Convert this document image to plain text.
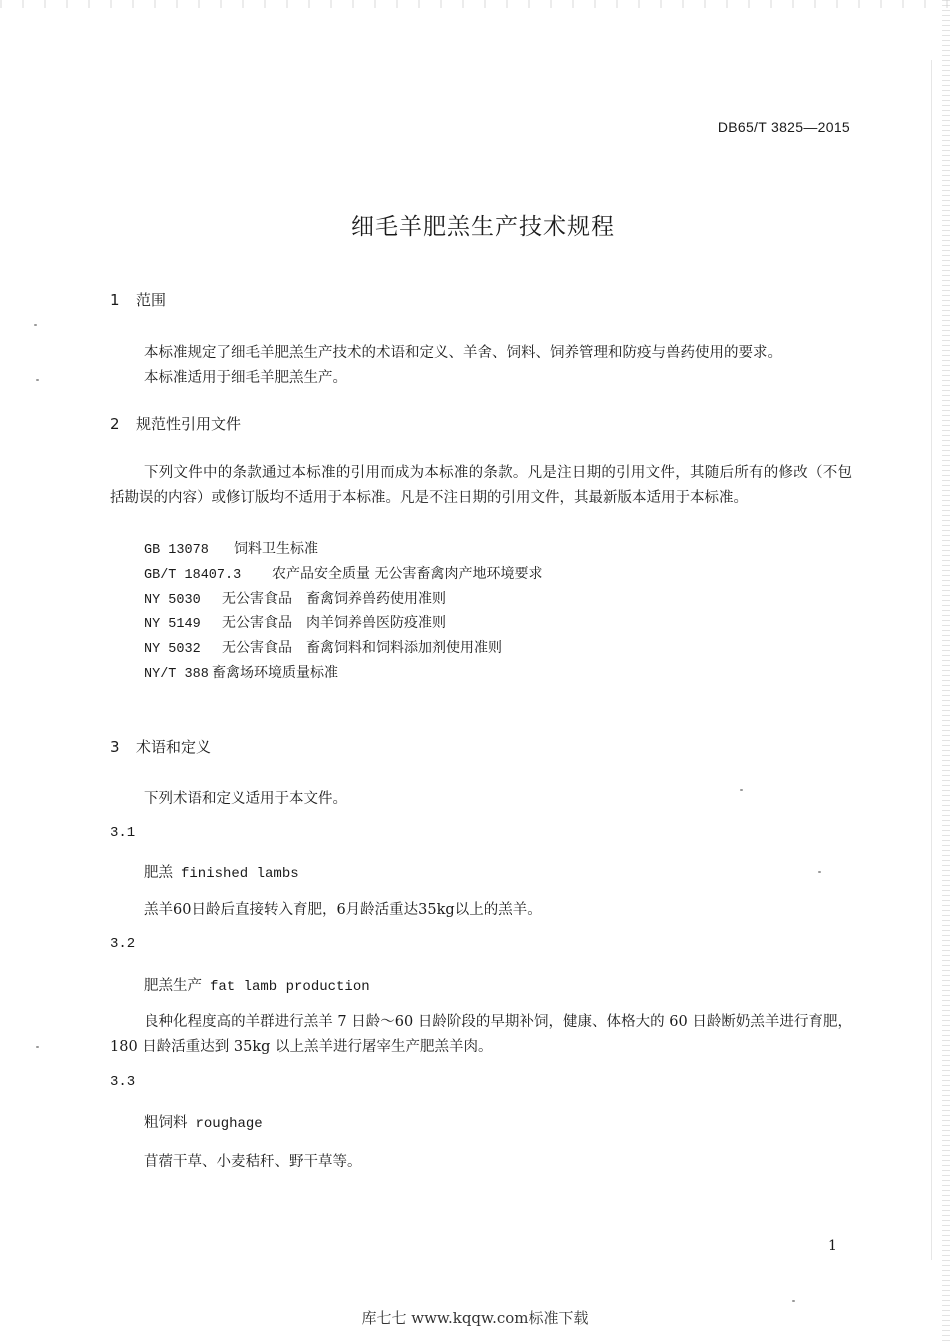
DB65/T 3825—2015
细毛羊肥羔生产技术规程
1 范围
本标准规定了细毛羊肥羔生产技术的术语和定义、羊舍、饲料、饲养管理和防疫与兽药使用的要求。
本标准适用于细毛羊肥羔生产。
2 规范性引用文件
下列文件中的条款通过本标准的引用而成为本标准的条款。凡是注日期的引用文件，其随后所有的修改（不包括勘误的内容）或修订版均不适用于本标准。凡是不注日期的引用文件，其最新版本适用于本标准。
GB 13078 饲料卫生标准
GB/T 18407.3 农产品安全质量 无公害畜禽肉产地环境要求
NY 5030 无公害食品　畜禽饲养兽药使用准则
NY 5149 无公害食品　肉羊饲养兽医防疫准则
NY 5032 无公害食品　畜禽饲料和饲料添加剂使用准则
NY/T 388 畜禽场环境质量标准
3 术语和定义
下列术语和定义适用于本文件。
3.1
肥羔 finished lambs
羔羊60日龄后直接转入育肥，6月龄活重达35kg以上的羔羊。
3.2
肥羔生产 fat lamb production
良种化程度高的羊群进行羔羊 7 日龄～60 日龄阶段的早期补饲，健康、体格大的 60 日龄断奶羔羊进行育肥，180 日龄活重达到 35kg 以上羔羊进行屠宰生产肥羔羊肉。
3.3
粗饲料 roughage
苜蓿干草、小麦秸秆、野干草等。
1
库七七 www.kqqw.com标准下载
